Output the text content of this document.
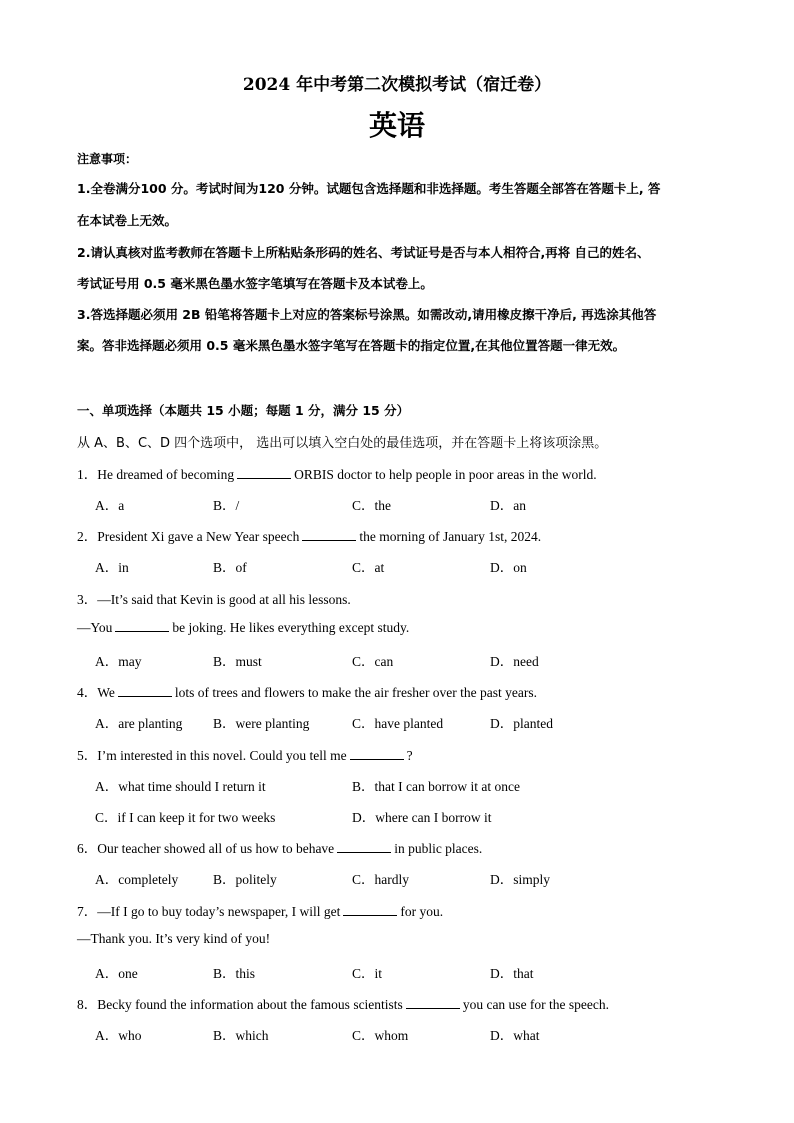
2024 年中考第二次模拟考试（宿迁卷）
英语
注意事项：
1.全卷满分100 分。考试时间为120 分钟。试题包含选择题和非选择题。考生答题全部答在答题卡上, 答
在本试卷上无效。
2.请认真核对监考教师在答题卡上所粘贴条形码的姓名、考试证号是否与本人相符合,再将 自己的姓名、
考试证号用 0.5 毫米黑色墨水签字笔填写在答题卡及本试卷上。
3.答选择题必须用 2B 铅笔将答题卡上对应的答案标号涂黑。如需改动,请用橡皮擦干净后, 再选涂其他答
案。答非选择题必须用 0.5 毫米黑色墨水签字笔写在答题卡的指定位置,在其他位置答题一律无效。
一、单项选择（本题共 15 小题；每题 1 分，满分 15 分）
从 A、B、C、D 四个选项中， 选出可以填入空白处的最佳选项，并在答题卡上将该项涂黑。
1．He dreamed of becoming	ORBIS doctor to help people in poor areas in the world.
A．a	B．/	C．the	D．an
2．President Xi gave a New Year speech	the morning of January 1st, 2024.
A．in	B．of	C．at	D．on
3．—It’s said that Kevin is good at all his lessons.
—You	be joking. He likes everything except study.
A．may	B．must	C．can	D．need
4．We	lots of trees and flowers to make the air fresher over the past years.
A．are planting B．were planting	C．have planted	D．planted
5．I’m interested in this novel. Could you tell me	?
A．what time should I return it	B．that I can borrow it at once
C．if I can keep it for two weeks	D．where can I borrow it
6．Our teacher showed all of us how to behave	in public places.
A．completely	B．politely	C．hardly	D．simply
7．—If I go to buy today’s newspaper, I will get	for you.
—Thank you. It’s very kind of you!
A．one	B．this	C．it	D．that
8．Becky found the information about the famous scientists	you can use for the speech.
A．who	B．which	C．whom	D．what
